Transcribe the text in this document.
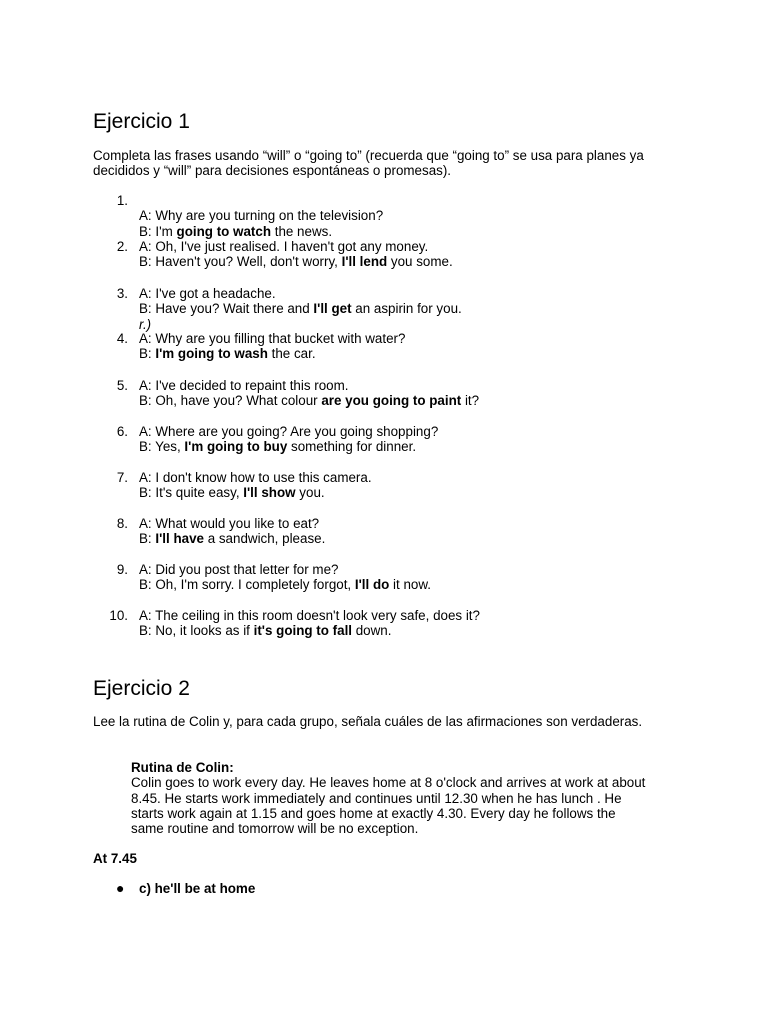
Ejercicio 1

Completa las frases usando “will” o “going to” (recuerda que “going to” se usa para planes ya decididos y “will” para decisiones espontáneas o promesas).

1.

A: Why are you turning on the television?
B: I'm going to watch the news.
2. A: Oh, I've just realised. I haven't got any money.
B: Haven't you? Well, don't worry, I'll lend you some.
3. A: I've got a headache.
B: Have you? Wait there and I'll get an aspirin for you.
r.)
4. A: Why are you filling that bucket with water?
B: I'm going to wash the car.
5. A: I've decided to repaint this room.
B: Oh, have you? What colour are you going to paint it?
6. A: Where are you going? Are you going shopping?
B: Yes, I'm going to buy something for dinner.
7. A: I don't know how to use this camera.
B: It's quite easy, I'll show you.
8. A: What would you like to eat?
B: I'll have a sandwich, please.
9. A: Did you post that letter for me?
B: Oh, I'm sorry. I completely forgot, I'll do it now.
10. A: The ceiling in this room doesn't look very safe, does it?
B: No, it looks as if it's going to fall down.
Ejercicio 2

Lee la rutina de Colin y, para cada grupo, señala cuáles de las afirmaciones son verdaderas.

Rutina de Colin:
Colin goes to work every day. He leaves home at 8 o'clock and arrives at work at about 8.45. He starts work immediately and continues until 12.30 when he has lunch . He starts work again at 1.15 and goes home at exactly 4.30. Every day he follows the same routine and tomorrow will be no exception.
At 7.45
● c) he'll be at home
